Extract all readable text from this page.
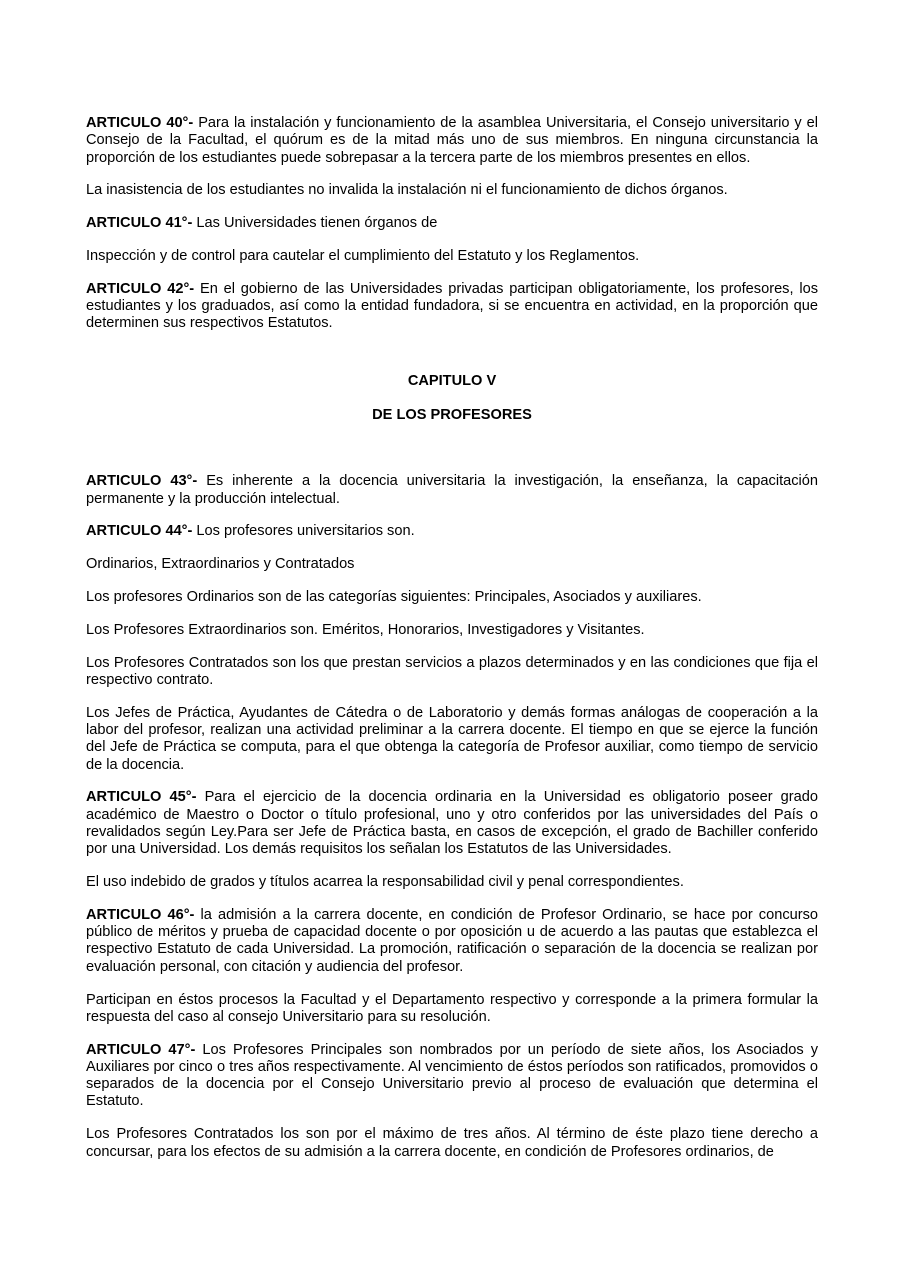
ARTICULO 40°- Para la instalación y funcionamiento de la asamblea Universitaria, el Consejo universitario y el Consejo de la Facultad, el quórum es de la mitad más uno de sus miembros. En ninguna circunstancia la proporción de los estudiantes puede sobrepasar a la tercera parte de los miembros presentes en ellos.

La inasistencia de los estudiantes no invalida la instalación ni el funcionamiento de dichos órganos.

ARTICULO 41°- Las Universidades tienen órganos de

Inspección y de control para cautelar el cumplimiento del Estatuto y los Reglamentos.

ARTICULO 42°- En el gobierno de las Universidades privadas participan obligatoriamente, los profesores, los estudiantes y los graduados, así como la entidad fundadora, si se encuentra en actividad, en la proporción que determinen sus respectivos Estatutos.

CAPITULO V
DE LOS PROFESORES

ARTICULO 43°- Es inherente a la docencia universitaria la investigación, la enseñanza, la capacitación permanente y la producción intelectual.

ARTICULO 44°- Los profesores universitarios son.

Ordinarios, Extraordinarios y Contratados

Los profesores Ordinarios son de las categorías siguientes: Principales, Asociados y auxiliares.

Los Profesores Extraordinarios son. Eméritos, Honorarios, Investigadores y Visitantes.

Los Profesores Contratados son los que prestan servicios a plazos determinados y en las condiciones que fija el respectivo contrato.

Los Jefes de Práctica, Ayudantes de Cátedra o de Laboratorio y demás formas análogas de cooperación a la labor del profesor, realizan una actividad preliminar a la carrera docente. El tiempo en que se ejerce la función del Jefe de Práctica se computa, para el que obtenga la categoría de Profesor auxiliar, como tiempo de servicio de la docencia.

ARTICULO 45°- Para el ejercicio de la docencia ordinaria en la Universidad es obligatorio poseer grado académico de Maestro o Doctor o título profesional, uno y otro conferidos por las universidades del País o revalidados según Ley.Para ser Jefe de Práctica basta, en casos de excepción, el grado de Bachiller conferido por una Universidad. Los demás requisitos los señalan los Estatutos de las Universidades.

El uso indebido de grados y títulos acarrea la responsabilidad civil y penal correspondientes.

ARTICULO 46°- la admisión a la carrera docente, en condición de Profesor Ordinario, se hace por concurso público de méritos y prueba de capacidad docente o por oposición u de acuerdo a las pautas que establezca el respectivo Estatuto de cada Universidad. La promoción, ratificación o separación de la docencia se realizan por evaluación personal, con citación y audiencia del profesor.

Participan en éstos procesos la Facultad y el Departamento respectivo y corresponde a la primera formular la respuesta del caso al consejo Universitario para su resolución.

ARTICULO 47°- Los Profesores Principales son nombrados por un período de siete años, los Asociados y Auxiliares por cinco o tres años respectivamente. Al vencimiento de éstos períodos son ratificados, promovidos o separados de la docencia por el Consejo Universitario previo al proceso de evaluación que determina el Estatuto.

Los Profesores Contratados los son por el máximo de tres años. Al término de éste plazo tiene derecho a concursar, para los efectos de su admisión a la carrera docente, en condición de Profesores ordinarios, de
